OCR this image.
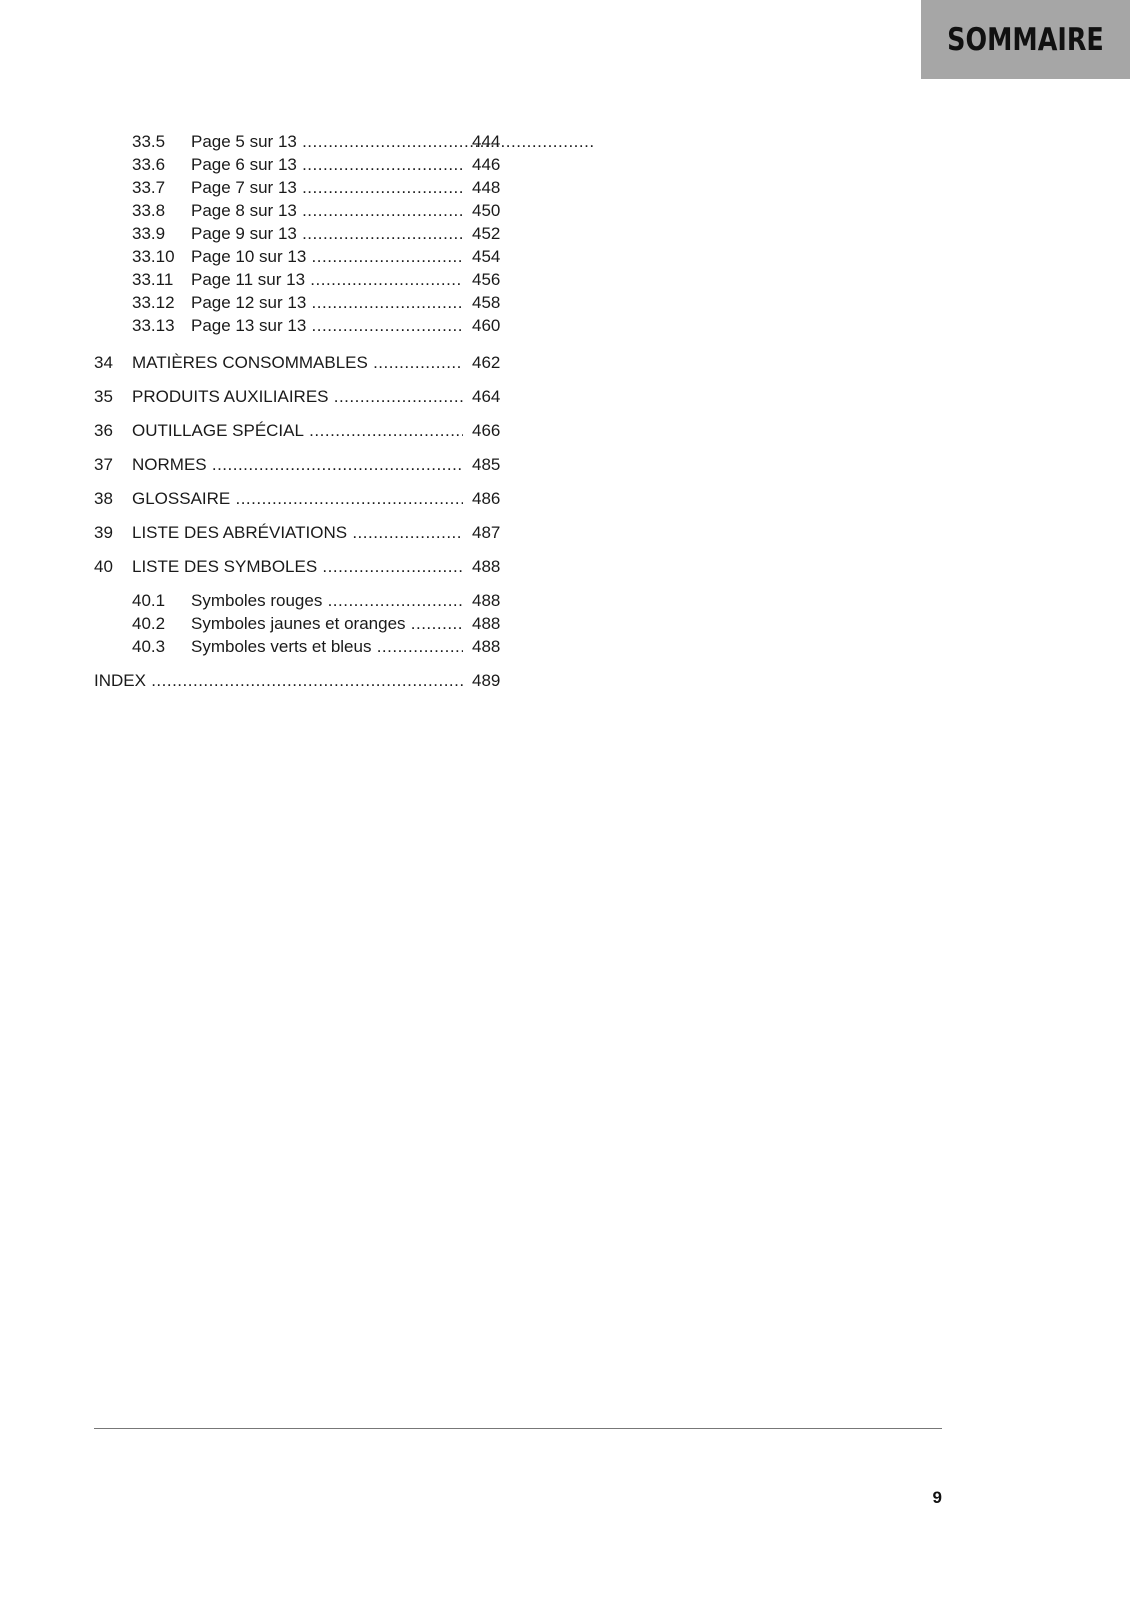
SOMMAIRE
33.5 Page 5 sur 13 .....	444
33.6 Page 6 sur 13 .....	446
33.7 Page 7 sur 13 .....	448
33.8 Page 8 sur 13 .....	450
33.9 Page 9 sur 13 .....	452
33.10 Page 10 sur 13 .....	454
33.11 Page 11 sur 13 .....	456
33.12 Page 12 sur 13 .....	458
33.13 Page 13 sur 13 .....	460
34 MATIÈRES CONSOMMABLES .....	462
35 PRODUITS AUXILIAIRES .....	464
36 OUTILLAGE SPÉCIAL .....	466
37 NORMES .....	485
38 GLOSSAIRE .....	486
39 LISTE DES ABRÉVIATIONS .....	487
40 LISTE DES SYMBOLES .....	488
40.1 Symboles rouges .....	488
40.2 Symboles jaunes et oranges .....	488
40.3 Symboles verts et bleus .....	488
INDEX .....	489
9
